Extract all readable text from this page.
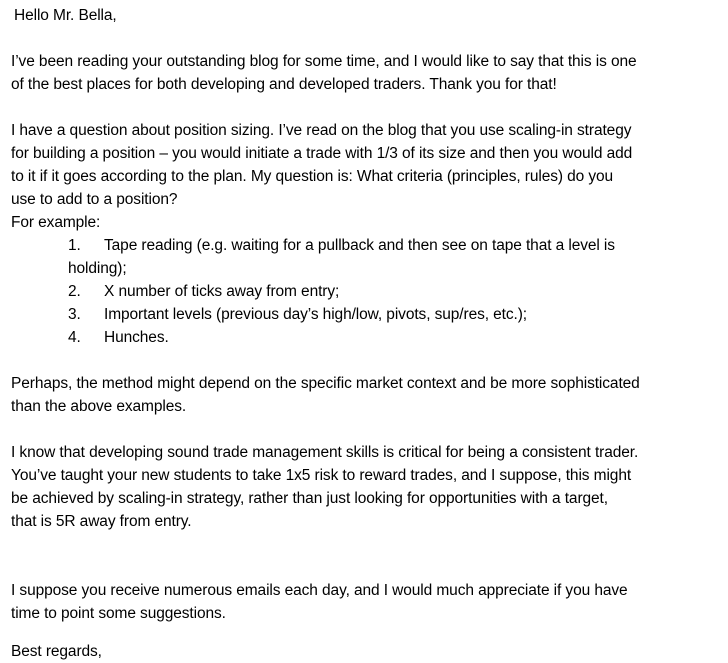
Hello Mr. Bella,
I’ve been reading your outstanding blog for some time, and I would like to say that this is one
of the best places for both developing and developed traders. Thank you for that!
I have a question about position sizing. I’ve read on the blog that you use scaling-in strategy
for building a position – you would initiate a trade with 1/3 of its size and then you would add
to it if it goes according to the plan. My question is: What criteria (principles, rules) do you
use to add to a position?
For example:
1. Tape reading (e.g. waiting for a pullback and then see on tape that a level is
holding);
2. X number of ticks away from entry;
3. Important levels (previous day’s high/low, pivots, sup/res, etc.);
4. Hunches.
Perhaps, the method might depend on the specific market context and be more sophisticated
than the above examples.
I know that developing sound trade management skills is critical for being a consistent trader.
You’ve taught your new students to take 1x5 risk to reward trades, and I suppose, this might
be achieved by scaling-in strategy, rather than just looking for opportunities with a target,
that is 5R away from entry.
I suppose you receive numerous emails each day, and I would much appreciate if you have
time to point some suggestions.
Best regards,
